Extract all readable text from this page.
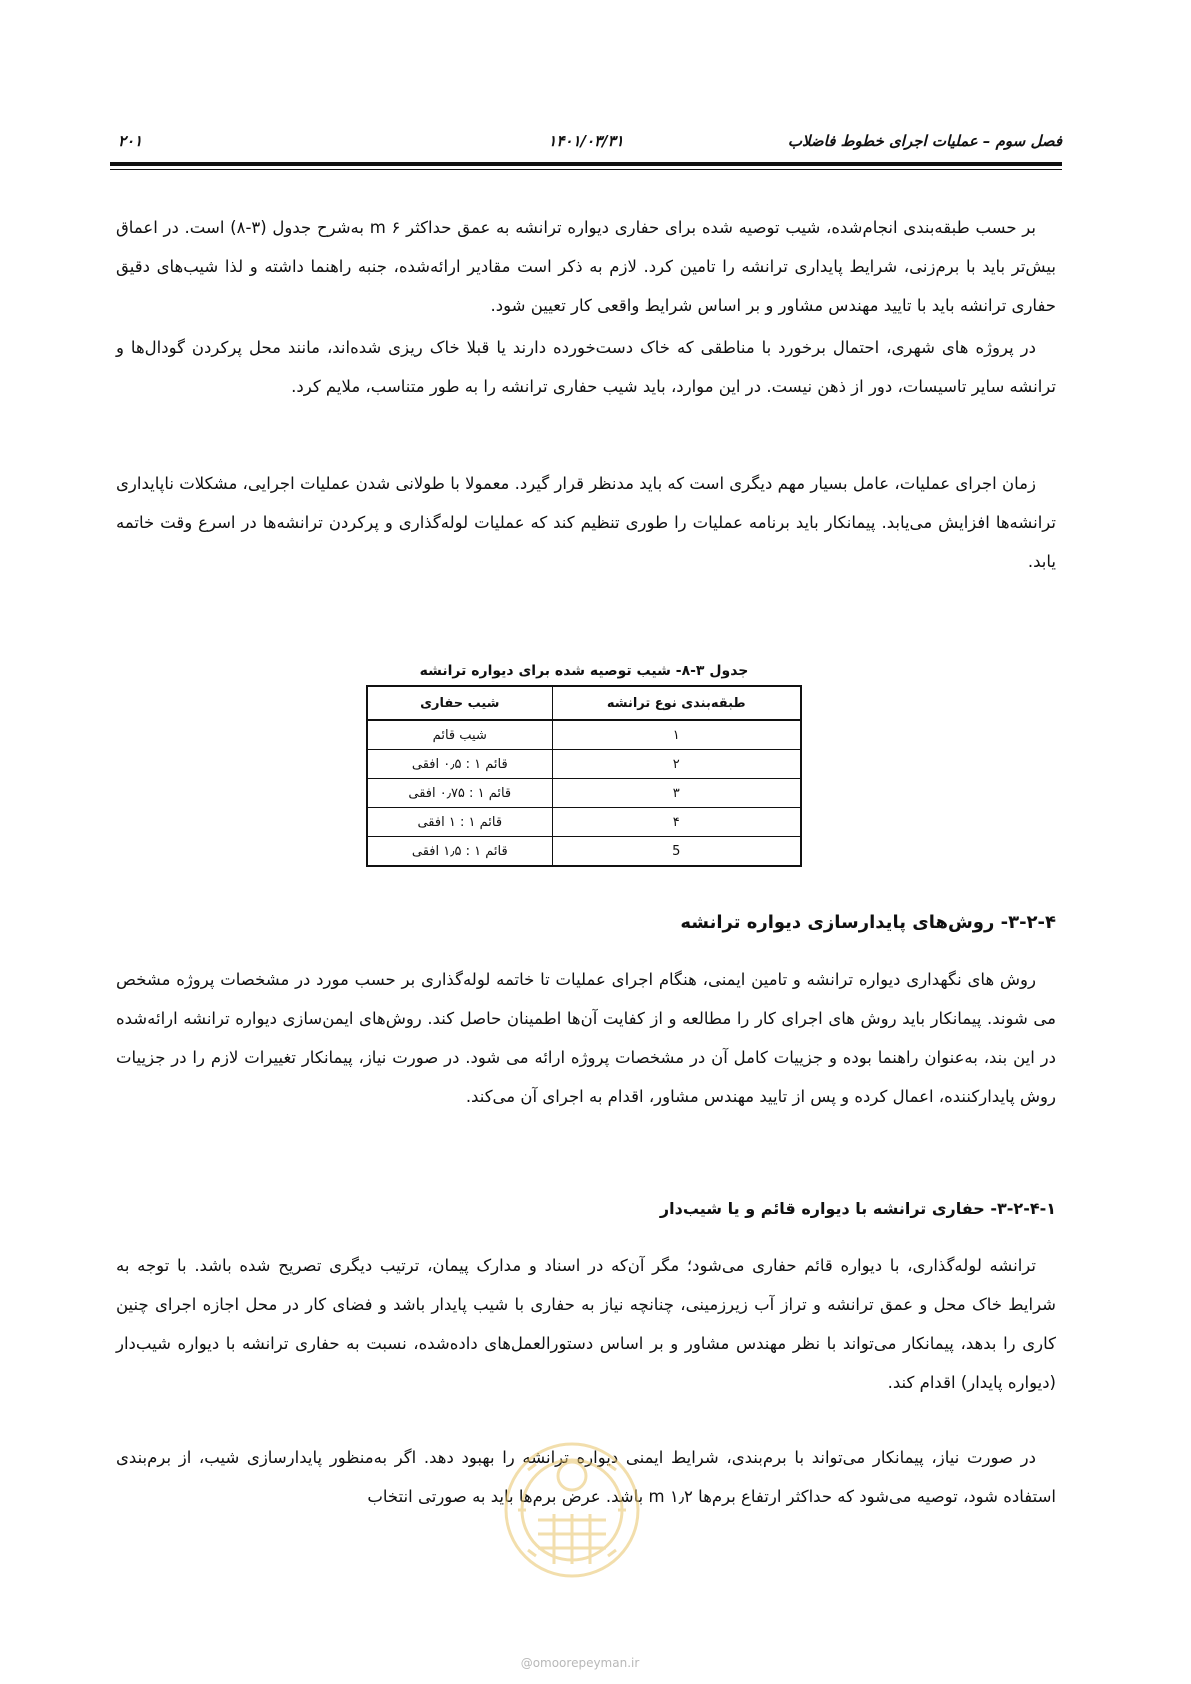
فصل سوم – عملیات اجرای خطوط فاضلاب
۱۴۰۱/۰۳/۳۱
۲۰۱

بر حسب طبقه‌بندی انجام‌شده، شیب توصیه شده برای حفاری دیواره ترانشه به عمق حداکثر ۶ m به‌شرح جدول (۳-۸) است. در اعماق بیش‌تر باید با برم‌زنی، شرایط پایداری ترانشه را تامین کرد. لازم به ذکر است مقادیر ارائه‌شده، جنبه راهنما داشته و لذا شیب‌های دقیق حفاری ترانشه باید با تایید مهندس مشاور و بر اساس شرایط واقعی کار تعیین شود.

در پروژه‌ های شهری، احتمال برخورد با مناطقی که خاک دست‌خورده دارند یا قبلا خاک ریزی شده‌اند، مانند محل پرکردن گودال‌ها و ترانشه سایر تاسیسات، دور از ذهن نیست. در این موارد، باید شیب حفاری ترانشه را به طور متناسب، ملایم کرد.

زمان اجرای عملیات، عامل بسیار مهم دیگری است که باید مدنظر قرار گیرد. معمولا با طولانی شدن عملیات اجرایی، مشکلات ناپایداری ترانشه‌ها افزایش می‌یابد. پیمانکار باید برنامه عملیات را طوری تنظیم کند که عملیات لوله‌گذاری و پرکردن ترانشه‌ها در اسرع وقت خاتمه یابد.

جدول ۳-۸- شیب توصیه شده برای دیواره ترانشه
طبقه‌بندی نوع ترانشه	شیب حفاری
۱	شیب قائم
۲	قائم ۱ : ۰٫۵ افقی
۳	قائم ۱ : ۰٫۷۵ افقی
۴	قائم ۱ : ۱ افقی
5	قائم ۱ : ۱٫۵ افقی
۳-۲-۴- روش‌های پایدارسازی دیواره ترانشه

روش‌ های نگهداری دیواره ترانشه و تامین ایمنی، هنگام اجرای عملیات تا خاتمه لوله‌گذاری بر حسب مورد در مشخصات پروژه مشخص می‌ شوند. پیمانکار باید روش‌ های اجرای کار را مطالعه و از کفایت آن‌ها اطمینان حاصل کند. روش‌های ایمن‌سازی دیواره ترانشه ارائه‌شده در این بند، به‌عنوان راهنما بوده و جزییات کامل آن در مشخصات پروژه ارائه می شود. در صورت نیاز، پیمانکار تغییرات لازم را در جزییات روش پایدارکننده، اعمال کرده و پس از تایید مهندس مشاور، اقدام به اجرای آن می‌کند.

۳-۲-۴-۱- حفاری ترانشه با دیواره قائم و یا شیب‌دار

ترانشه لوله‌گذاری، با دیواره قائم حفاری می‌شود؛ مگر آن‌که در اسناد و مدارک پیمان، ترتیب دیگری تصریح شده باشد. با توجه به شرایط خاک محل و عمق ترانشه و تراز آب زیرزمینی، چنانچه نیاز به حفاری با شیب پایدار باشد و فضای کار در محل اجازه اجرای چنین کاری را بدهد، پیمانکار می‌تواند با نظر مهندس مشاور و بر اساس دستورالعمل‌های داده‌شده، نسبت به حفاری ترانشه با دیواره شیب‌دار (دیواره پایدار) اقدام کند.

در صورت نیاز، پیمانکار می‌تواند با برم‌بندی، شرایط ایمنی دیواره ترانشه را بهبود دهد. اگر به‌منظور پایدارسازی شیب، از برم‌بندی استفاده شود، توصیه می‌شود که حداکثر ارتفاع برم‌ها ۱٫۲ m باشد. عرض برم‌ها باید به صورتی انتخاب

@omoorepeyman.ir
